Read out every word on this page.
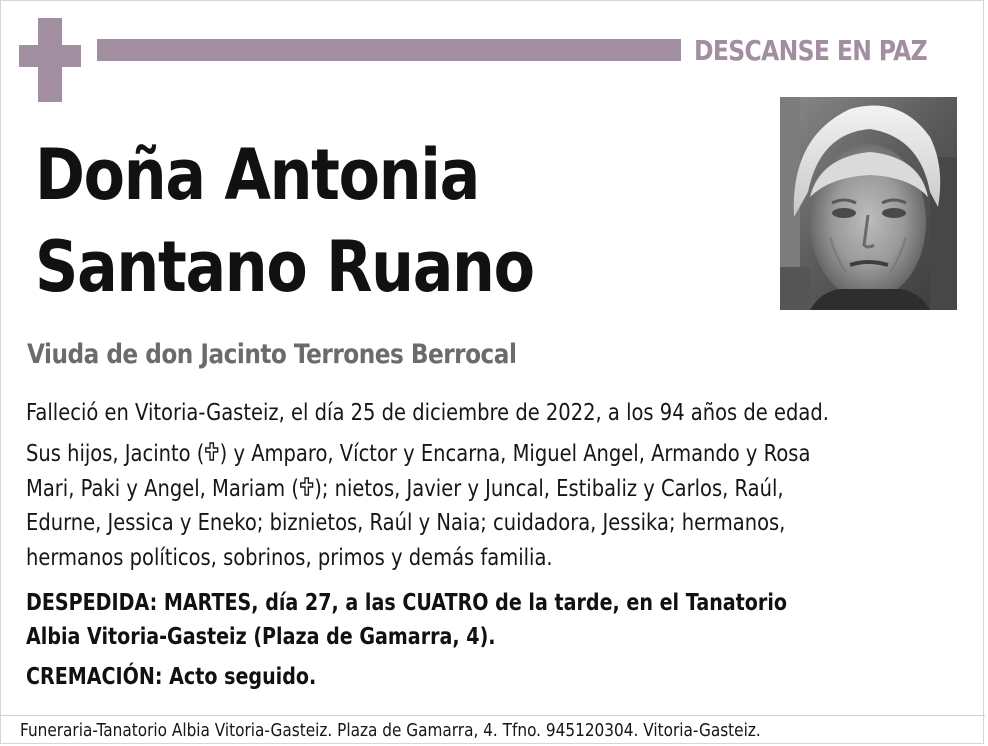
DESCANSE EN PAZ
Doña Antonia
Santano Ruano
Viuda de don Jacinto Terrones Berrocal
Falleció en Vitoria-Gasteiz, el día 25 de diciembre de 2022, a los 94 años de edad.
Sus hijos, Jacinto ( ) y Amparo, Víctor y Encarna, Miguel Angel, Armando y Rosa
Mari, Paki y Angel, Mariam ( ); nietos, Javier y Juncal, Estibaliz y Carlos, Raúl,
Edurne, Jessica y Eneko; biznietos, Raúl y Naia; cuidadora, Jessika; hermanos,
hermanos políticos, sobrinos, primos y demás familia.
DESPEDIDA: MARTES, día 27, a las CUATRO de la tarde, en el Tanatorio
Albia Vitoria-Gasteiz (Plaza de Gamarra, 4).
CREMACIÓN: Acto seguido.
Funeraria-Tanatorio Albia Vitoria-Gasteiz. Plaza de Gamarra, 4. Tfno. 945120304. Vitoria-Gasteiz.
